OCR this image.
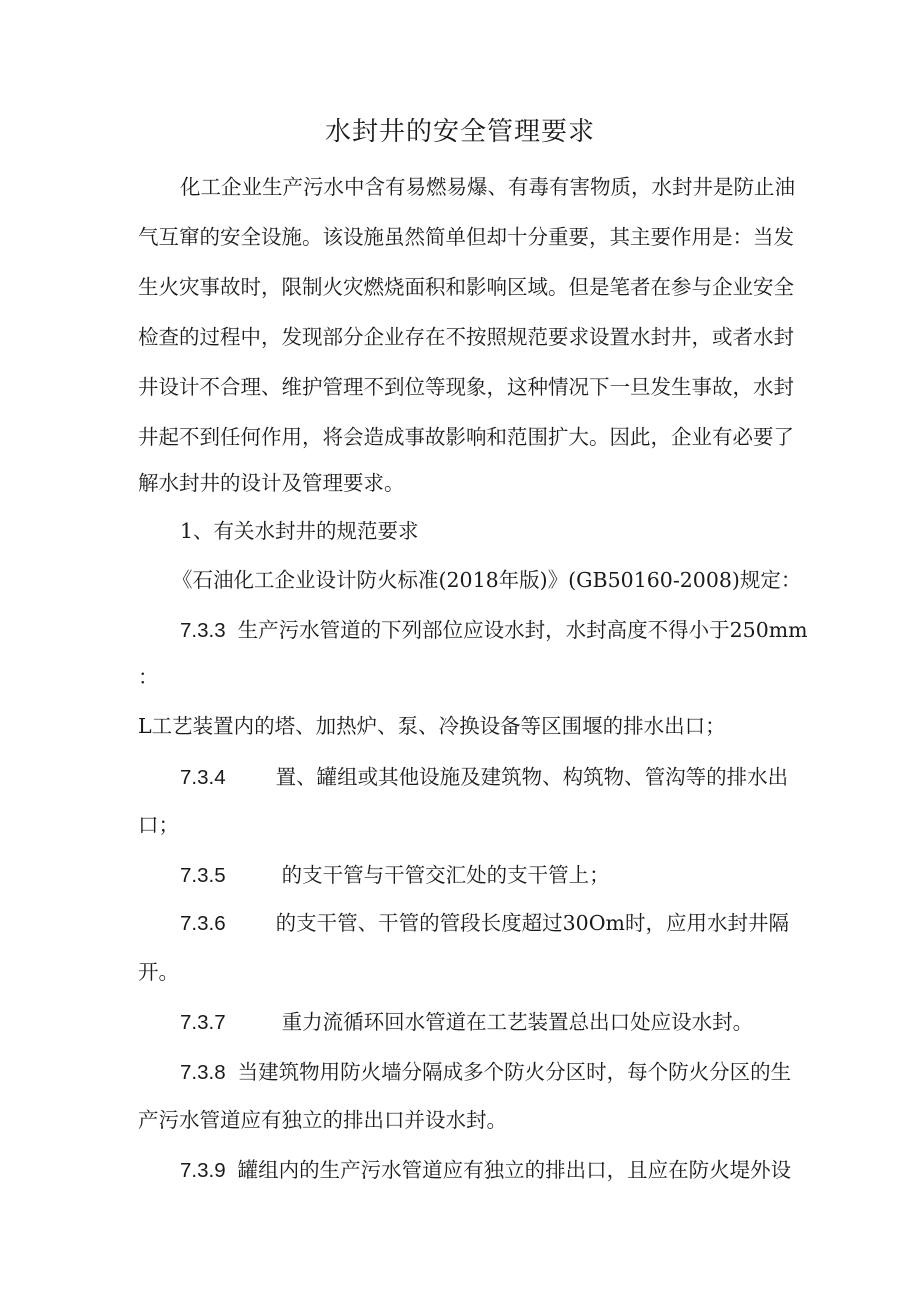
水封井的安全管理要求
化工企业生产污水中含有易燃易爆、有毒有害物质，水封井是防止油
气互窜的安全设施。该设施虽然简单但却十分重要，其主要作用是：当发
生火灾事故时，限制火灾燃烧面积和影响区域。但是笔者在参与企业安全
检查的过程中，发现部分企业存在不按照规范要求设置水封井，或者水封
井设计不合理、维护管理不到位等现象，这种情况下一旦发生事故，水封
井起不到任何作用，将会造成事故影响和范围扩大。因此，企业有必要了
解水封井的设计及管理要求。
1、有关水封井的规范要求
《石油化工企业设计防火标准(2018年版)》(GB50160-2008)规定：
7.3.3 生产污水管道的下列部位应设水封，水封高度不得小于250mm
：
L工艺装置内的塔、加热炉、泵、冷换设备等区围堰的排水出口；
7.3.4 置、罐组或其他设施及建筑物、构筑物、管沟等的排水出
口；
7.3.5	的支干管与干管交汇处的支干管上；
7.3.6 的支干管、干管的管段长度超过30Om时，应用水封井隔
开。
7.3.7	重力流循环回水管道在工艺装置总出口处应设水封。
7.3.8 当建筑物用防火墙分隔成多个防火分区时，每个防火分区的生
产污水管道应有独立的排出口并设水封。
7.3.9 罐组内的生产污水管道应有独立的排出口，且应在防火堤外设
